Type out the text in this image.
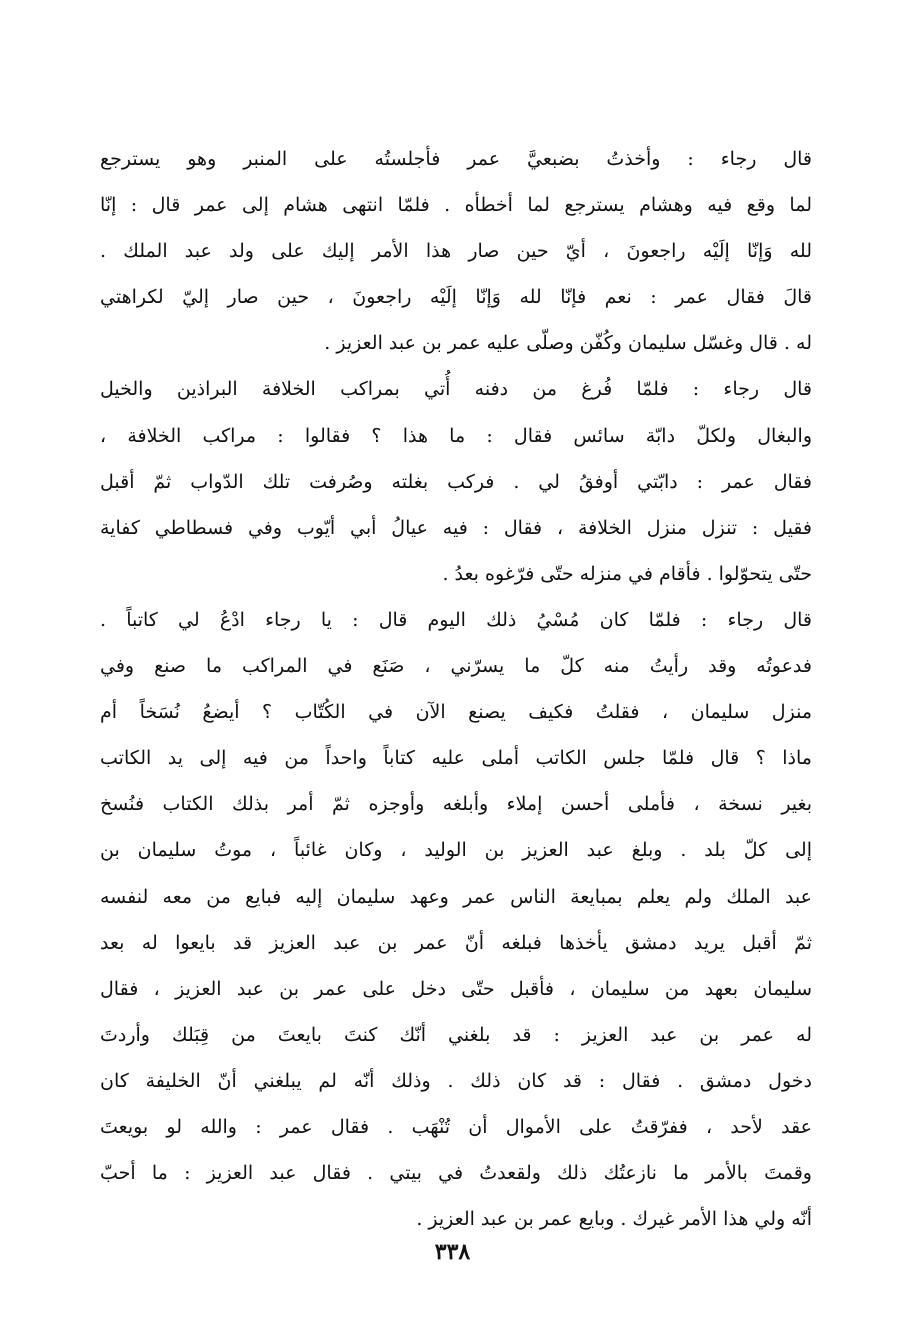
قال رجاء : وأخذتُ بضبعيَّ عمر فأجلستُه على المنبر وهو يسترجع
لما وقع فيه وهشام يسترجع لما أخطأه . فلمّا انتهى هشام إلى عمر قال : إنّا
لله وَإنّا إلَيْه راجعونَ ، أيّ حين صار هذا الأمر إليك على ولد عبد الملك .
قالَ فقال عمر : نعم فإنّا لله وَإنّا إلَيْه راجعونَ ، حين صار إليّ لكراهتي
له . قال وغسّل سليمان وكُفّن وصلّى عليه عمر بن عبد العزيز .
قال رجاء : فلمّا فُرغ من دفنه أُتي بمراكب الخلافة البراذين والخيل
والبغال ولكلّ دابّة سائس فقال : ما هذا ؟ فقالوا : مراكب الخلافة ،
فقال عمر : دابّتي أوفقُ لي . فركب بغلته وصُرفت تلك الدّواب ثمّ أقبل
فقيل : تنزل منزل الخلافة ، فقال : فيه عيالُ أبي أيّوب وفي فسطاطي كفاية
حتّى يتحوّلوا . فأقام في منزله حتّى فرّغوه بعدُ .
قال رجاء : فلمّا كان مُسْيُ ذلك اليوم قال : يا رجاء ادْعُ لي كاتباً .
فدعوتُه وقد رأيتُ منه كلّ ما يسرّني ، صَنَع في المراكب ما صنع وفي
منزل سليمان ، فقلتُ فكيف يصنع الآن في الكُتّاب ؟ أيضعُ نُسَخاً أم
ماذا ؟ قال فلمّا جلس الكاتب أملى عليه كتاباً واحداً من فيه إلى يد الكاتب
بغير نسخة ، فأملى أحسن إملاء وأبلغه وأوجزه ثمّ أمر بذلك الكتاب فنُسخ
إلى كلّ بلد . وبلغ عبد العزيز بن الوليد ، وكان غائباً ، موتُ سليمان بن
عبد الملك ولم يعلم بمبايعة الناس عمر وعهد سليمان إليه فبايع من معه لنفسه
ثمّ أقبل يريد دمشق يأخذها فبلغه أنّ عمر بن عبد العزيز قد بايعوا له بعد
سليمان بعهد من سليمان ، فأقبل حتّى دخل على عمر بن عبد العزيز ، فقال
له عمر بن عبد العزيز : قد بلغني أنّك كنتَ بايعتَ من قِبَلك وأردتَ
دخول دمشق . فقال : قد كان ذلك . وذلك أنّه لم يبلغني أنّ الخليفة كان
عقد لأحد ، ففرّقتُ على الأموال أن تُنْهَب . فقال عمر : والله لو بويعتَ
وقمتَ بالأمر ما نازعتُك ذلك ولقعدتُ في بيتي . فقال عبد العزيز : ما أحبّ
أنّه ولي هذا الأمر غيرك . وبايع عمر بن عبد العزيز .
٣٣٨
